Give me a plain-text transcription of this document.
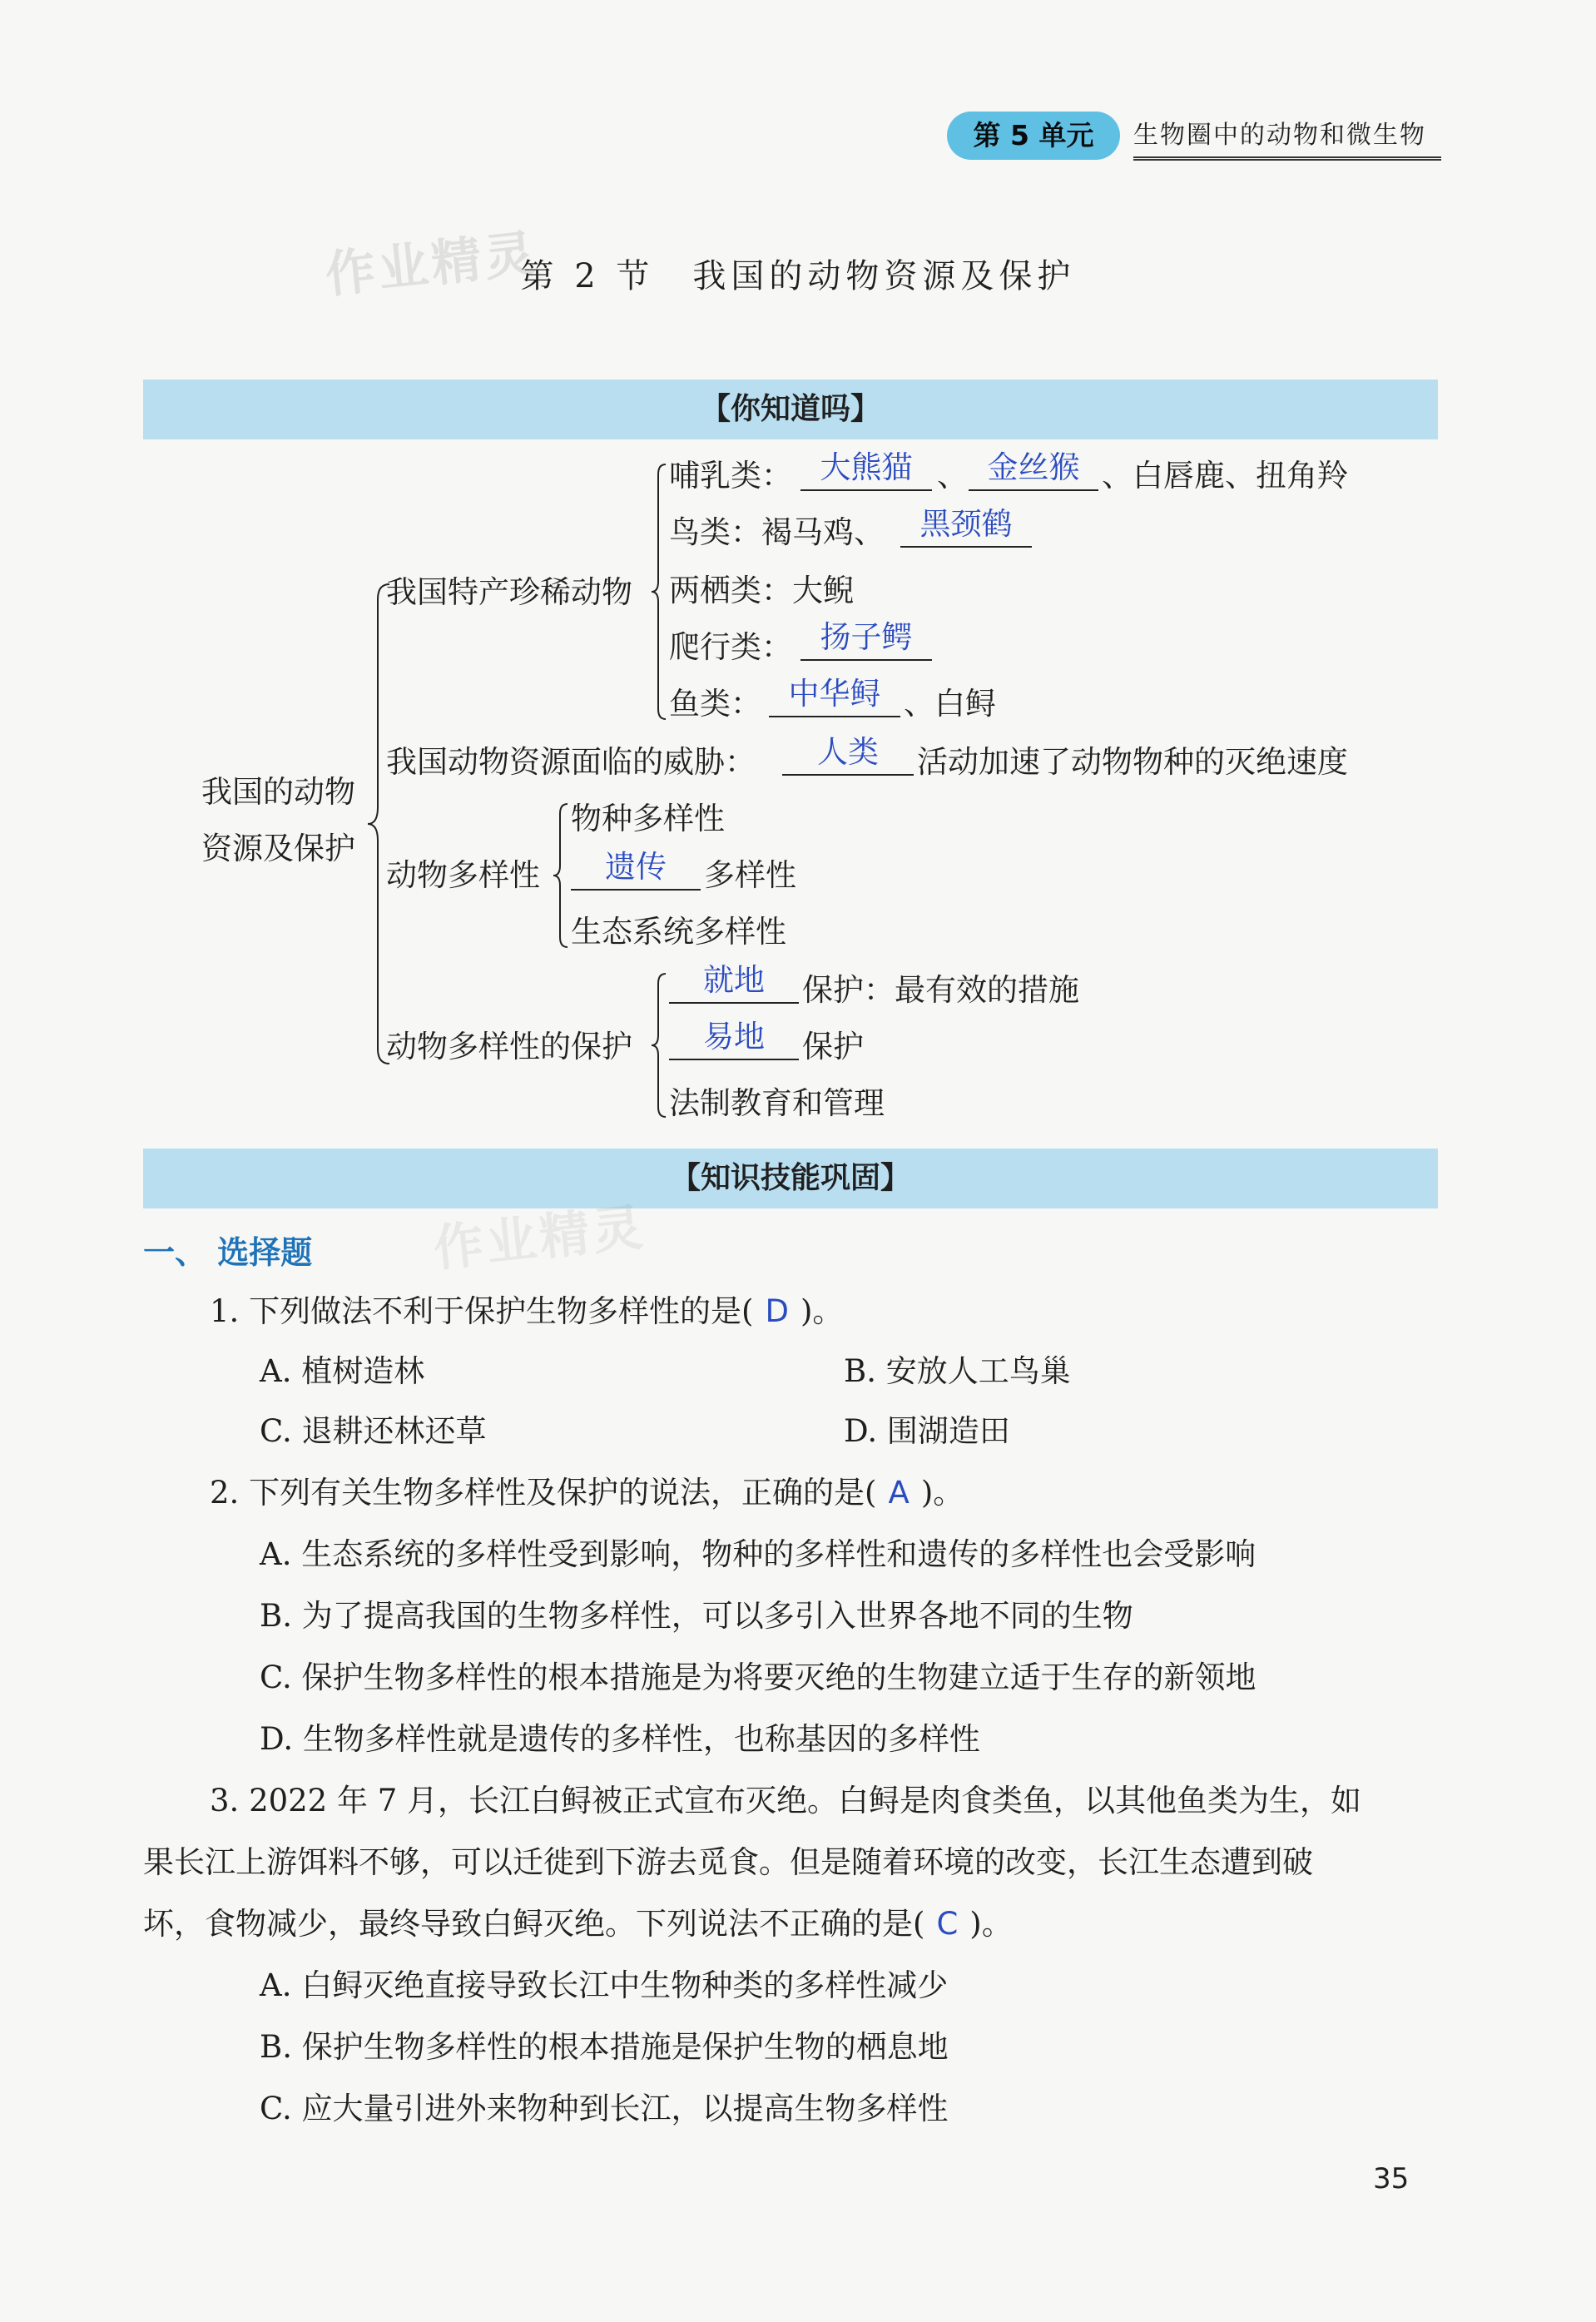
第 5 单元	生物圈中的动物和微生物
作业精灵
第 2 节　我国的动物资源及保护
【你知道吗】
我国的动物
资源及保护
我国特产珍稀动物
哺乳类： 大熊猫 、 金丝猴 、白唇鹿、扭角羚
鸟类：褐马鸡、	黑颈鹤
两栖类：大鲵
爬行类： 扬子鳄
鱼类： 中华鲟 、白鲟
我国动物资源面临的威胁：	人类	活动加速了动物物种的灭绝速度
动物多样性
物种多样性
遗传	多样性
生态系统多样性
动物多样性的保护
就地	保护：最有效的措施
易地	保护
法制教育和管理
【知识技能巩固】
作业精灵
一、 选择题
1. 下列做法不利于保护生物多样性的是( D )。
A. 植树造林	B. 安放人工鸟巢
C. 退耕还林还草	D. 围湖造田
2. 下列有关生物多样性及保护的说法，正确的是( A )。
A. 生态系统的多样性受到影响，物种的多样性和遗传的多样性也会受影响
B. 为了提高我国的生物多样性，可以多引入世界各地不同的生物
C. 保护生物多样性的根本措施是为将要灭绝的生物建立适于生存的新领地
D. 生物多样性就是遗传的多样性，也称基因的多样性
3. 2022 年 7 月，长江白鲟被正式宣布灭绝。白鲟是肉食类鱼，以其他鱼类为生，如
果长江上游饵料不够，可以迁徙到下游去觅食。但是随着环境的改变，长江生态遭到破
坏，食物减少，最终导致白鲟灭绝。下列说法不正确的是( C )。
A. 白鲟灭绝直接导致长江中生物种类的多样性减少
B. 保护生物多样性的根本措施是保护生物的栖息地
C. 应大量引进外来物种到长江，以提高生物多样性
35
